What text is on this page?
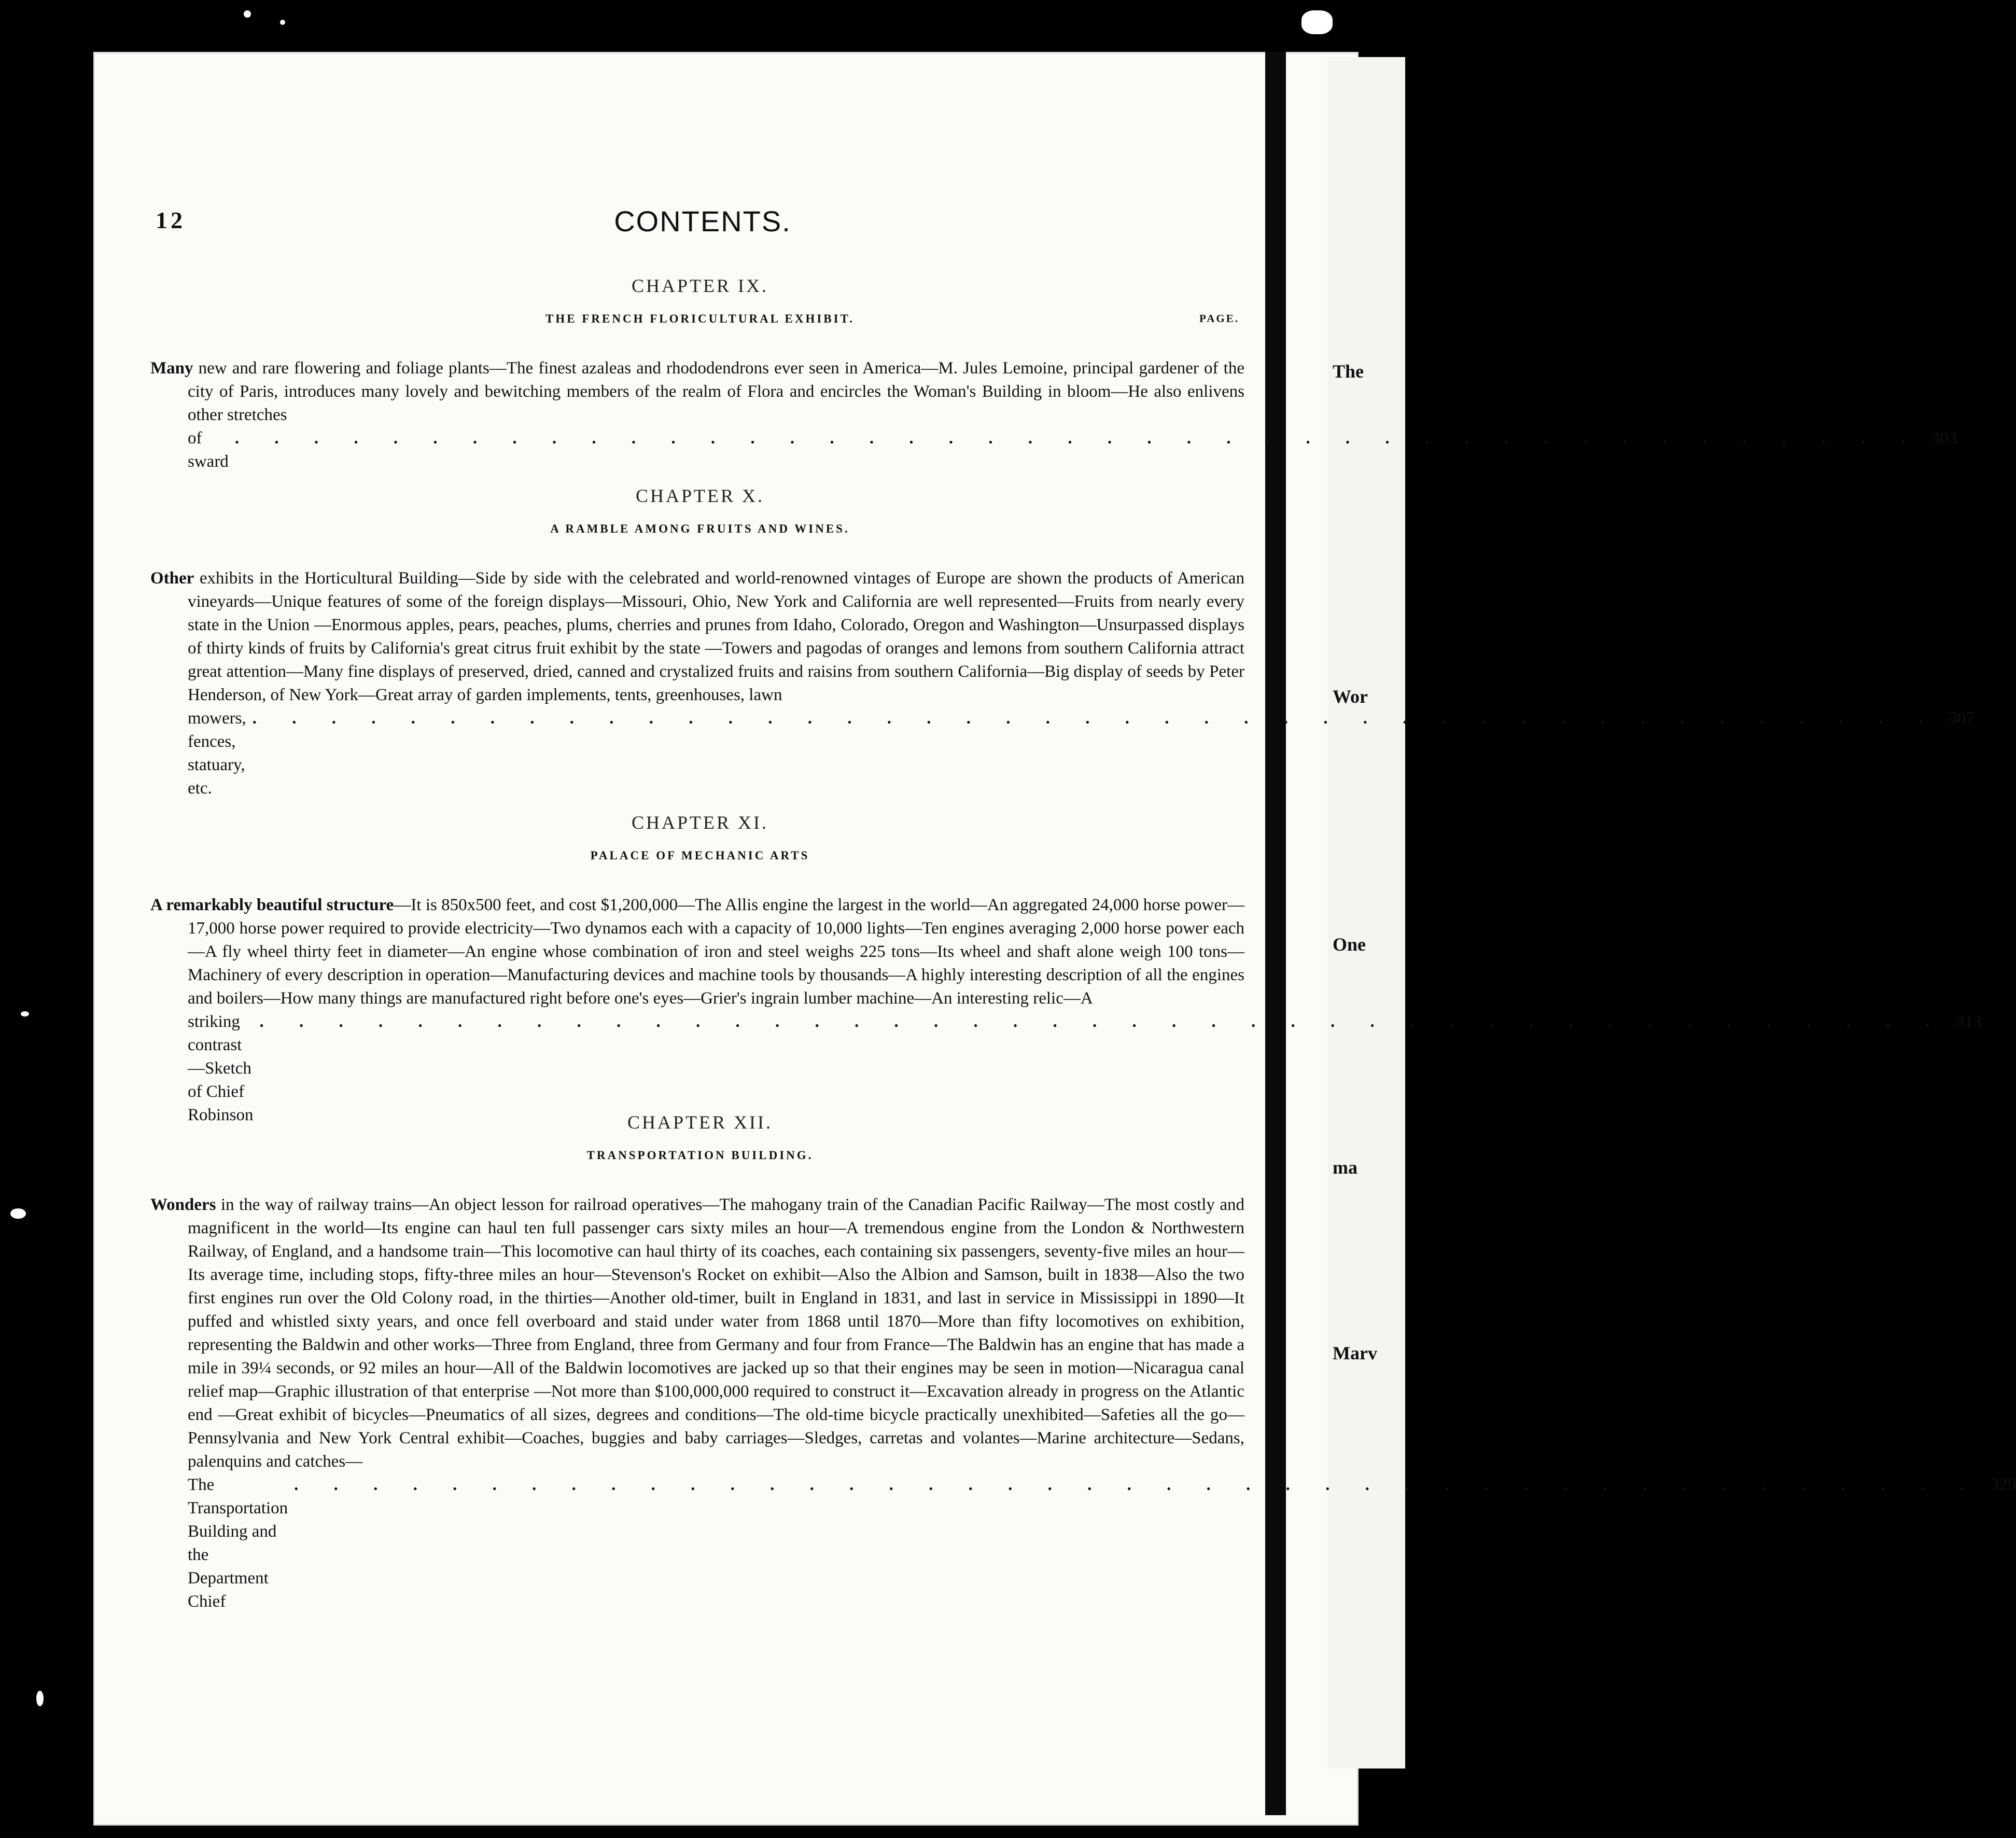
The
Wor
One
ma
Marv
12	CONTENTS.
CHAPTER IX.
THE FRENCH FLORICULTURAL EXHIBIT.	PAGE.
Many new and rare flowering and foliage plants—The finest azaleas and rhododendrons ever seen in America—M. Jules Lemoine, principal gardener of the city of Paris, introduces many lovely and bewitching members of the realm of Flora and encircles the Woman's Building in bloom—He also enlivens other stretches
of sward
. . . . . . . . . . . . . . . . . . . . . . . . . . . . . . . . . . . . . . . . . . . 303
CHAPTER X.
A RAMBLE AMONG FRUITS AND WINES.
Other exhibits in the Horticultural Building—Side by side with the celebrated and world-renowned vintages of Europe are shown the products of American vineyards—Unique features of some of the foreign displays—Missouri, Ohio, New York and California are well represented—Fruits from nearly every state in the Union —Enormous apples, pears, peaches, plums, cherries and prunes from Idaho, Colorado, Oregon and Washington—Unsurpassed displays of thirty kinds of fruits by California's great citrus fruit exhibit by the state —Towers and pagodas of oranges and lemons from southern California attract great attention—Many fine displays of preserved, dried, canned and crystalized fruits and raisins from southern California—Big display of seeds by Peter Henderson, of New York—Great array of garden implements, tents, greenhouses, lawn
mowers, fences, statuary, etc.
. . . . . . . . . . . . . . . . . . . . . . . . . . . . . . . . . . . . . . . . . . . 307
CHAPTER XI.
PALACE OF MECHANIC ARTS
A remarkably beautiful structure—It is 850x500 feet, and cost $1,200,000—The Allis engine the largest in the world—An aggregated 24,000 horse power—17,000 horse power required to provide electricity—Two dynamos each with a capacity of 10,000 lights—Ten engines averaging 2,000 horse power each—A fly wheel thirty feet in diameter—An engine whose combination of iron and steel weighs 225 tons—Its wheel and shaft alone weigh 100 tons—Machinery of every description in operation—Manufacturing devices and machine tools by thousands—A highly interesting description of all the engines and boilers—How many things are manufactured right before one's eyes—Grier's ingrain lumber machine—An interesting relic—A
striking contrast—Sketch of Chief Robinson
. . . . . . . . . . . . . . . . . . . . . . . . . . . . . . . . . . . . . . . . . . . 313
CHAPTER XII.
TRANSPORTATION BUILDING.
Wonders in the way of railway trains—An object lesson for railroad operatives—The mahogany train of the Canadian Pacific Railway—The most costly and magnificent in the world—Its engine can haul ten full passenger cars sixty miles an hour—A tremendous engine from the London & Northwestern Railway, of England, and a handsome train—This locomotive can haul thirty of its coaches, each containing six passengers, seventy-five miles an hour—Its average time, including stops, fifty-three miles an hour—Stevenson's Rocket on exhibit—Also the Albion and Samson, built in 1838—Also the two first engines run over the Old Colony road, in the thirties—Another old-timer, built in England in 1831, and last in service in Mississippi in 1890—It puffed and whistled sixty years, and once fell overboard and staid under water from 1868 until 1870—More than fifty locomotives on exhibition, representing the Baldwin and other works—Three from England, three from Germany and four from France—The Baldwin has an engine that has made a mile in 39¼ seconds, or 92 miles an hour—All of the Baldwin locomotives are jacked up so that their engines may be seen in motion—Nicaragua canal relief map—Graphic illustration of that enterprise —Not more than $100,000,000 required to construct it—Excavation already in progress on the Atlantic end —Great exhibit of bicycles—Pneumatics of all sizes, degrees and conditions—The old-time bicycle practically unexhibited—Safeties all the go—Pennsylvania and New York Central exhibit—Coaches, buggies and baby carriages—Sledges, carretas and volantes—Marine architecture—Sedans, palenquins and catches—
The Transportation Building and the Department Chief
. . . . . . . . . . . . . . . . . . . . . . . . . . . . . . . . . . . . . . . . . . . 329
